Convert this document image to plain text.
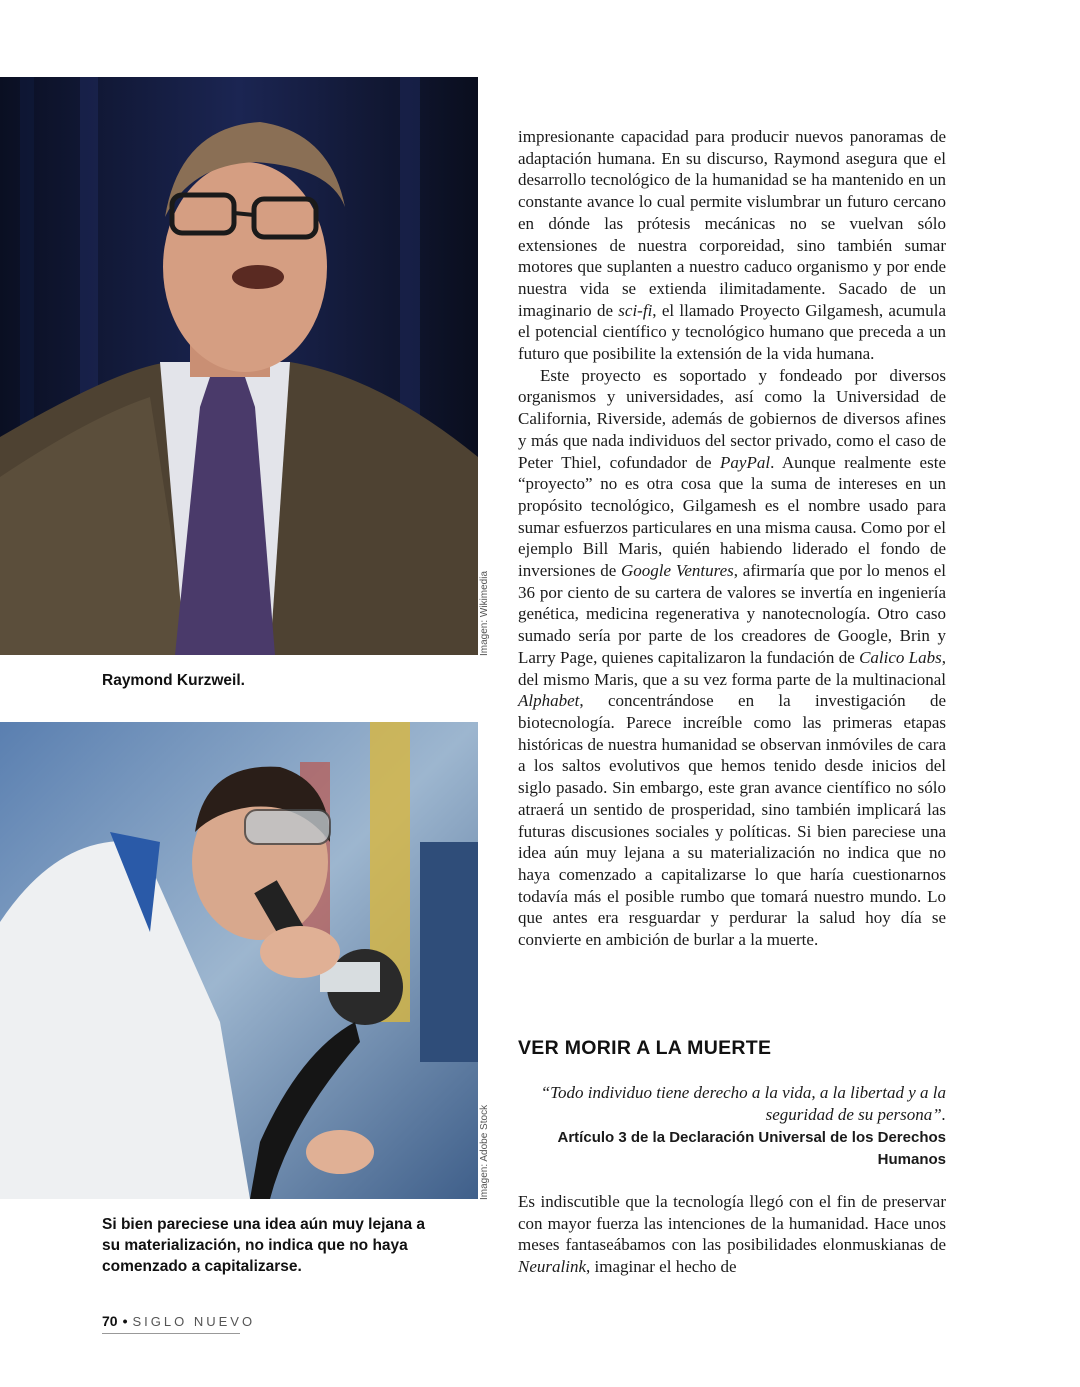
Imagen: Wikimedia
Raymond Kurzweil.
Imagen: Adobe Stock
Si bien pareciese una idea aún muy lejana a su materialización, no indica que no haya comenzado a capitalizarse.

impresionante capacidad para producir nuevos panoramas de adaptación humana. En su discurso, Raymond asegura que el desarrollo tecnológico de la humanidad se ha mantenido en un constante avance lo cual permite vislumbrar un futuro cercano en dónde las prótesis mecánicas no se vuelvan sólo extensiones de nuestra corporeidad, sino también sumar motores que suplanten a nuestro caduco organismo y por ende nuestra vida se extienda ilimitadamente. Sacado de un imaginario de sci-fi, el llamado Proyecto Gilgamesh, acumula el potencial científico y tecnológico humano que preceda a un futuro que posibilite la extensión de la vida humana.

Este proyecto es soportado y fondeado por diversos organismos y universidades, así como la Universidad de California, Riverside, además de gobiernos de diversos afines y más que nada individuos del sector privado, como el caso de Peter Thiel, cofundador de PayPal. Aunque realmente este “proyecto” no es otra cosa que la suma de intereses en un propósito tecnológico, Gilgamesh es el nombre usado para sumar esfuerzos particulares en una misma causa. Como por el ejemplo Bill Maris, quién habiendo liderado el fondo de inversiones de Google Ventures, afirmaría que por lo menos el 36 por ciento de su cartera de valores se invertía en ingeniería genética, medicina regenerativa y nanotecnología. Otro caso sumado sería por parte de los creadores de Google, Brin y Larry Page, quienes capitalizaron la fundación de Calico Labs, del mismo Maris, que a su vez forma parte de la multinacional Alphabet, concentrándose en la investigación de biotecnología. Parece increíble como las primeras etapas históricas de nuestra humanidad se observan inmóviles de cara a los saltos evolutivos que hemos tenido desde inicios del siglo pasado. Sin embargo, este gran avance científico no sólo atraerá un sentido de prosperidad, sino también implicará las futuras discusiones sociales y políticas. Si bien pareciese una idea aún muy lejana a su materialización no indica que no haya comenzado a capitalizarse lo que haría cuestionarnos todavía más el posible rumbo que tomará nuestro mundo. Lo que antes era resguardar y perdurar la salud hoy día se convierte en ambición de burlar a la muerte.

VER MORIR A LA MUERTE
“Todo individuo tiene derecho a la vida, a la libertad y a la seguridad de su persona”.
Artículo 3 de la Declaración Universal de los Derechos Humanos

Es indiscutible que la tecnología llegó con el fin de preservar con mayor fuerza las intenciones de la humanidad. Hace unos meses fantaseábamos con las posibilidades elonmuskianas de Neuralink, imaginar el hecho de

70 • SIGLO NUEVO
